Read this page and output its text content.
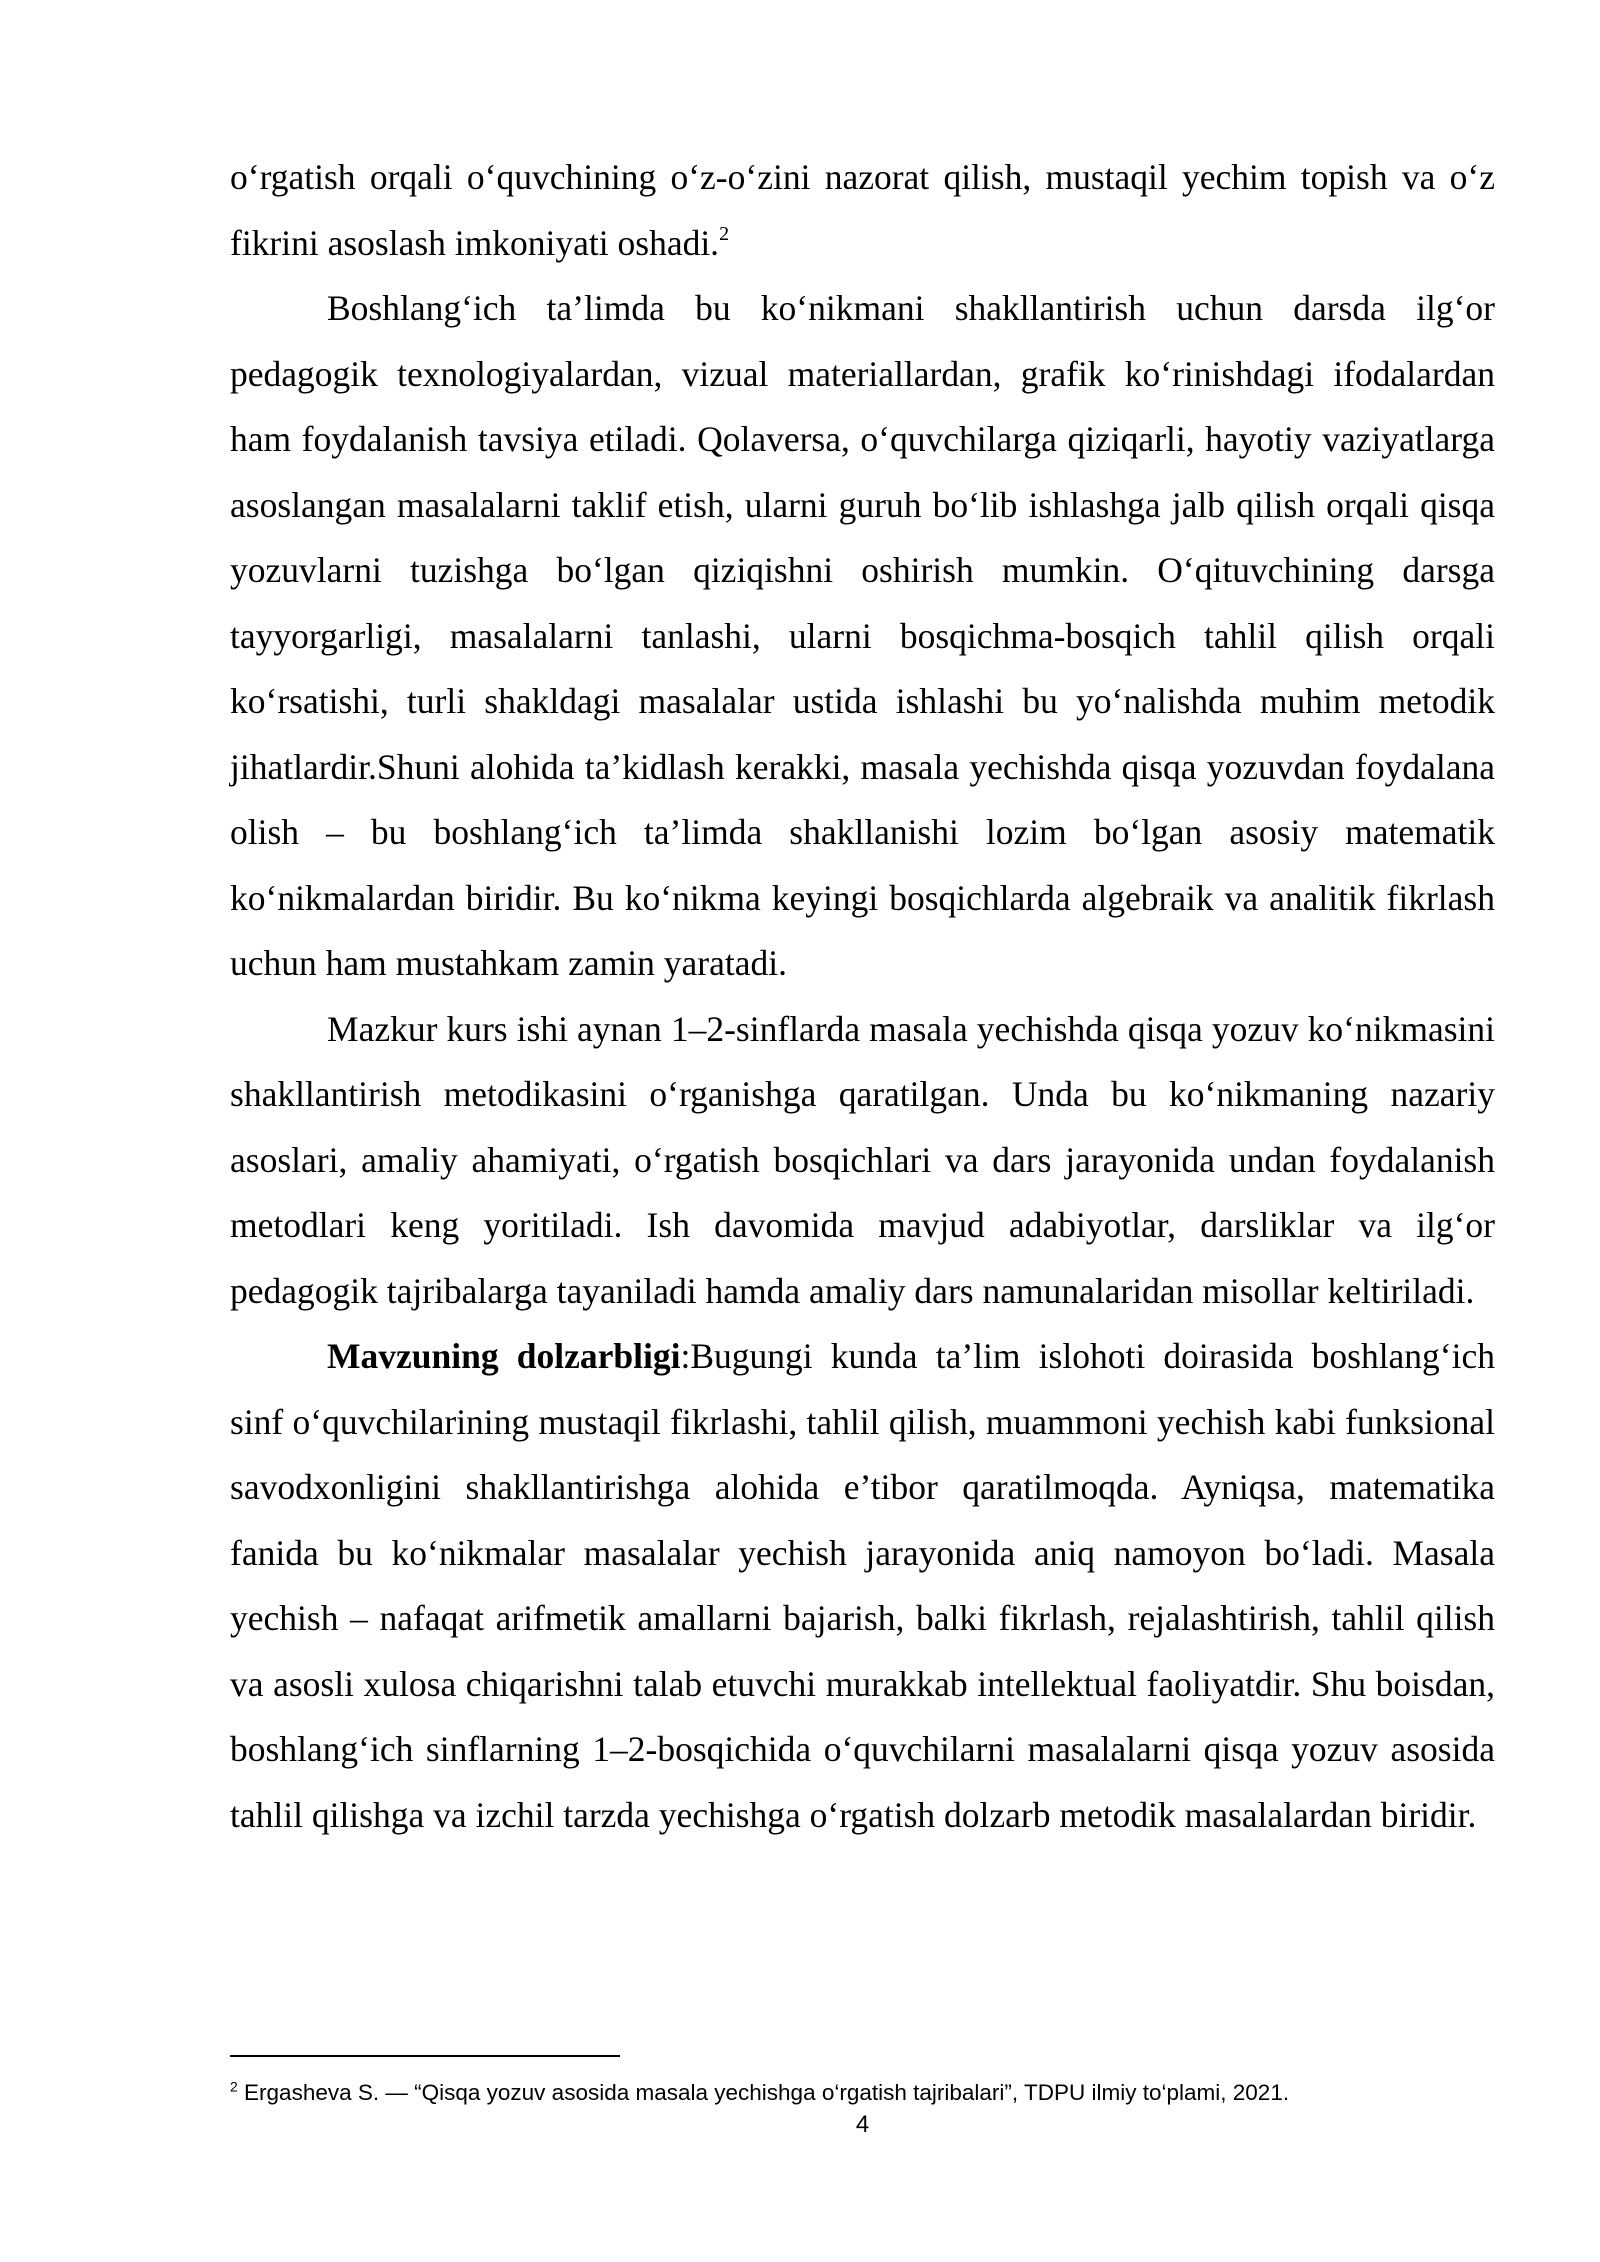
o‘rgatish orqali o‘quvchining o‘z-o‘zini nazorat qilish, mustaqil yechim topish va o‘z fikrini asoslash imkoniyati oshadi.$^2$

Boshlang‘ich ta’limda bu ko‘nikmani shakllantirish uchun darsda ilg‘or pedagogik texnologiyalardan, vizual materiallardan, grafik ko‘rinishdagi ifodalardan ham foydalanish tavsiya etiladi. Qolaversa, o‘quvchilarga qiziqarli, hayotiy vaziyatlarga asoslangan masalalarni taklif etish, ularni guruh bo‘lib ishlashga jalb qilish orqali qisqa yozuvlarni tuzishga bo‘lgan qiziqishni oshirish mumkin. O‘qituvchining darsga tayyorgarligi, masalalarni tanlashi, ularni bosqichma-bosqich tahlil qilish orqali ko‘rsatishi, turli shakldagi masalalar ustida ishlashi bu yo‘nalishda muhim metodik jihatlardir.Shuni alohida ta’kidlash kerakki, masala yechishda qisqa yozuvdan foydalana olish – bu boshlang‘ich ta’limda shakllanishi lozim bo‘lgan asosiy matematik ko‘nikmalardan biridir. Bu ko‘nikma keyingi bosqichlarda algebraik va analitik fikrlash uchun ham mustahkam zamin yaratadi.

Mazkur kurs ishi aynan 1–2-sinflarda masala yechishda qisqa yozuv ko‘nikmasini shakllantirish metodikasini o‘rganishga qaratilgan. Unda bu ko‘nikmaning nazariy asoslari, amaliy ahamiyati, o‘rgatish bosqichlari va dars jarayonida undan foydalanish metodlari keng yoritiladi. Ish davomida mavjud adabiyotlar, darsliklar va ilg‘or pedagogik tajribalarga tayaniladi hamda amaliy dars namunalaridan misollar keltiriladi.

Mavzuning dolzarbligi:Bugungi kunda ta’lim islohoti doirasida boshlang‘ich sinf o‘quvchilarining mustaqil fikrlashi, tahlil qilish, muammoni yechish kabi funksional savodxonligini shakllantirishga alohida e’tibor qaratilmoqda. Ayniqsa, matematika fanida bu ko‘nikmalar masalalar yechish jarayonida aniq namoyon bo‘ladi. Masala yechish – nafaqat arifmetik amallarni bajarish, balki fikrlash, rejalashtirish, tahlil qilish va asosli xulosa chiqarishni talab etuvchi murakkab intellektual faoliyatdir. Shu boisdan, boshlang‘ich sinflarning 1–2-bosqichida o‘quvchilarni masalalarni qisqa yozuv asosida tahlil qilishga va izchil tarzda yechishga o‘rgatish dolzarb metodik masalalardan biridir.

$^2$ Ergasheva S. — “Qisqa yozuv asosida masala yechishga o‘rgatish tajribalari”, TDPU ilmiy to‘plami, 2021.
4
